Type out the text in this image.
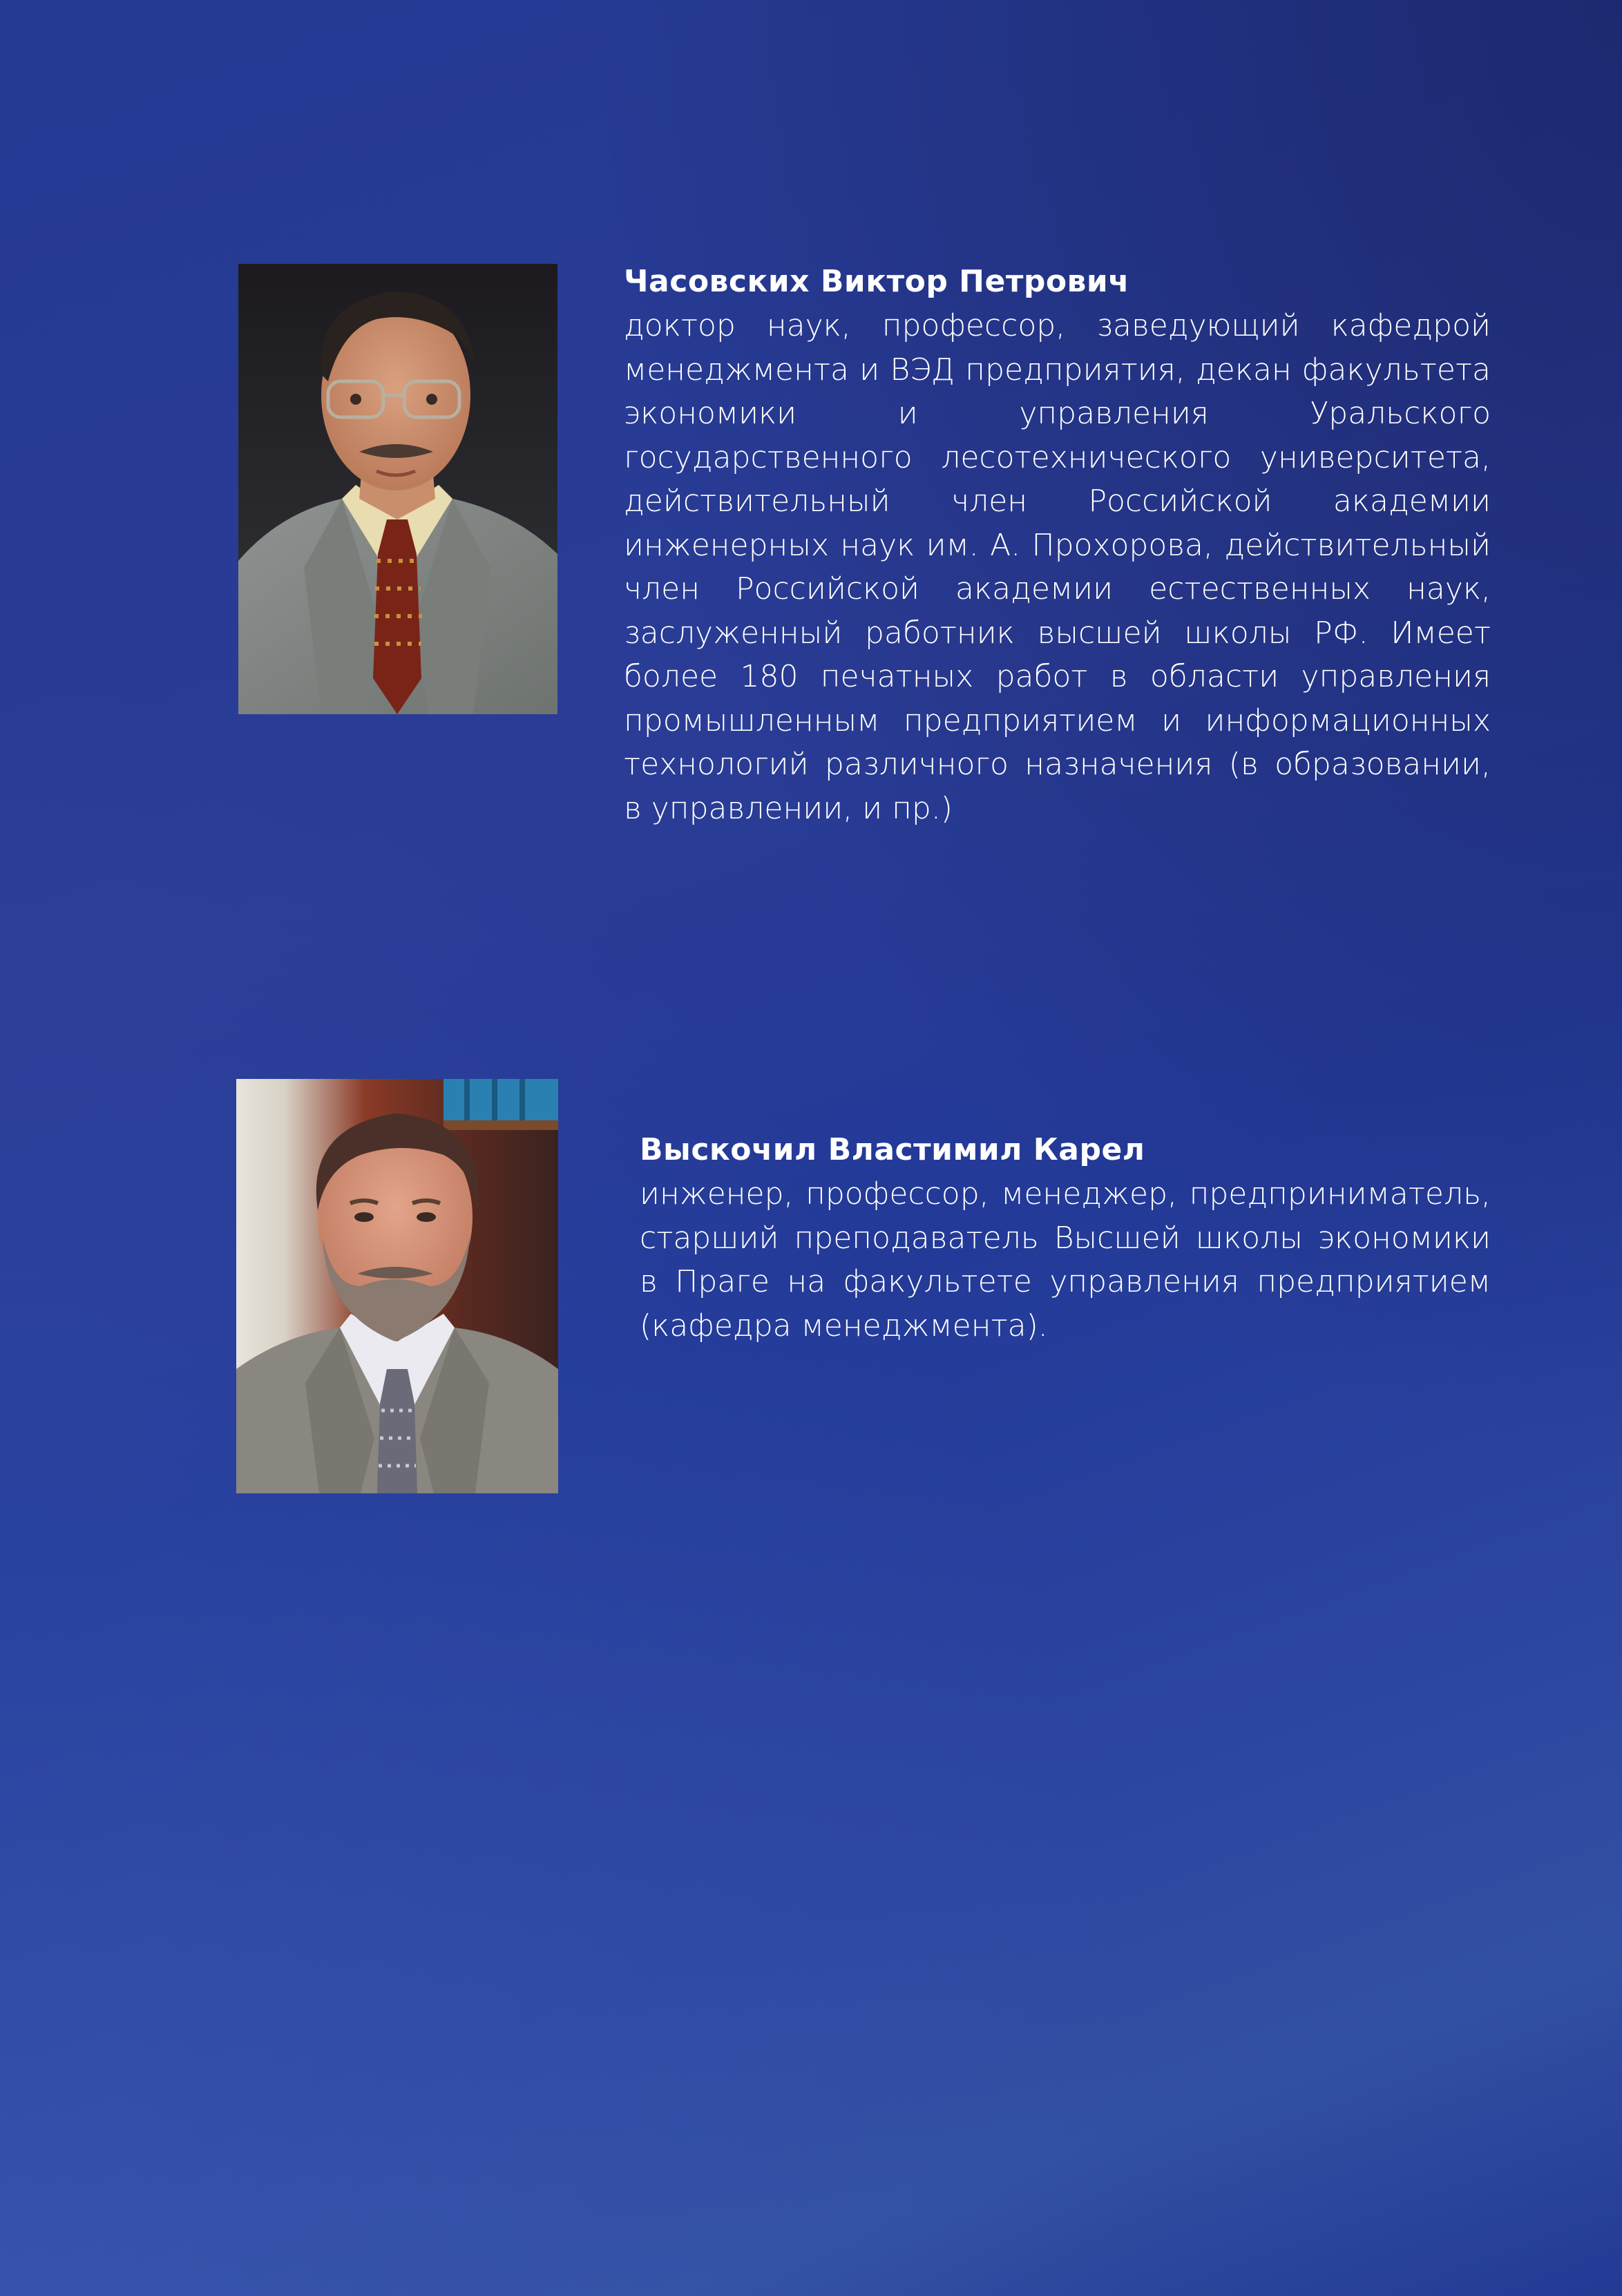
Часовских Виктор Петрович

доктор наук, профессор, заведующий кафедрой менеджмента и ВЭД предприятия, декан факультета экономики и управления Уральского государственного лесотехнического университета, действительный член Российской академии инженерных наук им. А. Прохорова, действительный член Российской академии естественных наук, заслуженный работник высшей школы РФ. Имеет более 180 печатных работ в области управления промышленным предприятием и информационных технологий различного назначения (в образовании, в управлении, и пр.)

Выскочил Властимил Карел

инженер, профессор, менеджер, предприниматель, старший преподаватель Высшей школы экономики в Праге на факультете управления предприятием (кафедра менеджмента).
